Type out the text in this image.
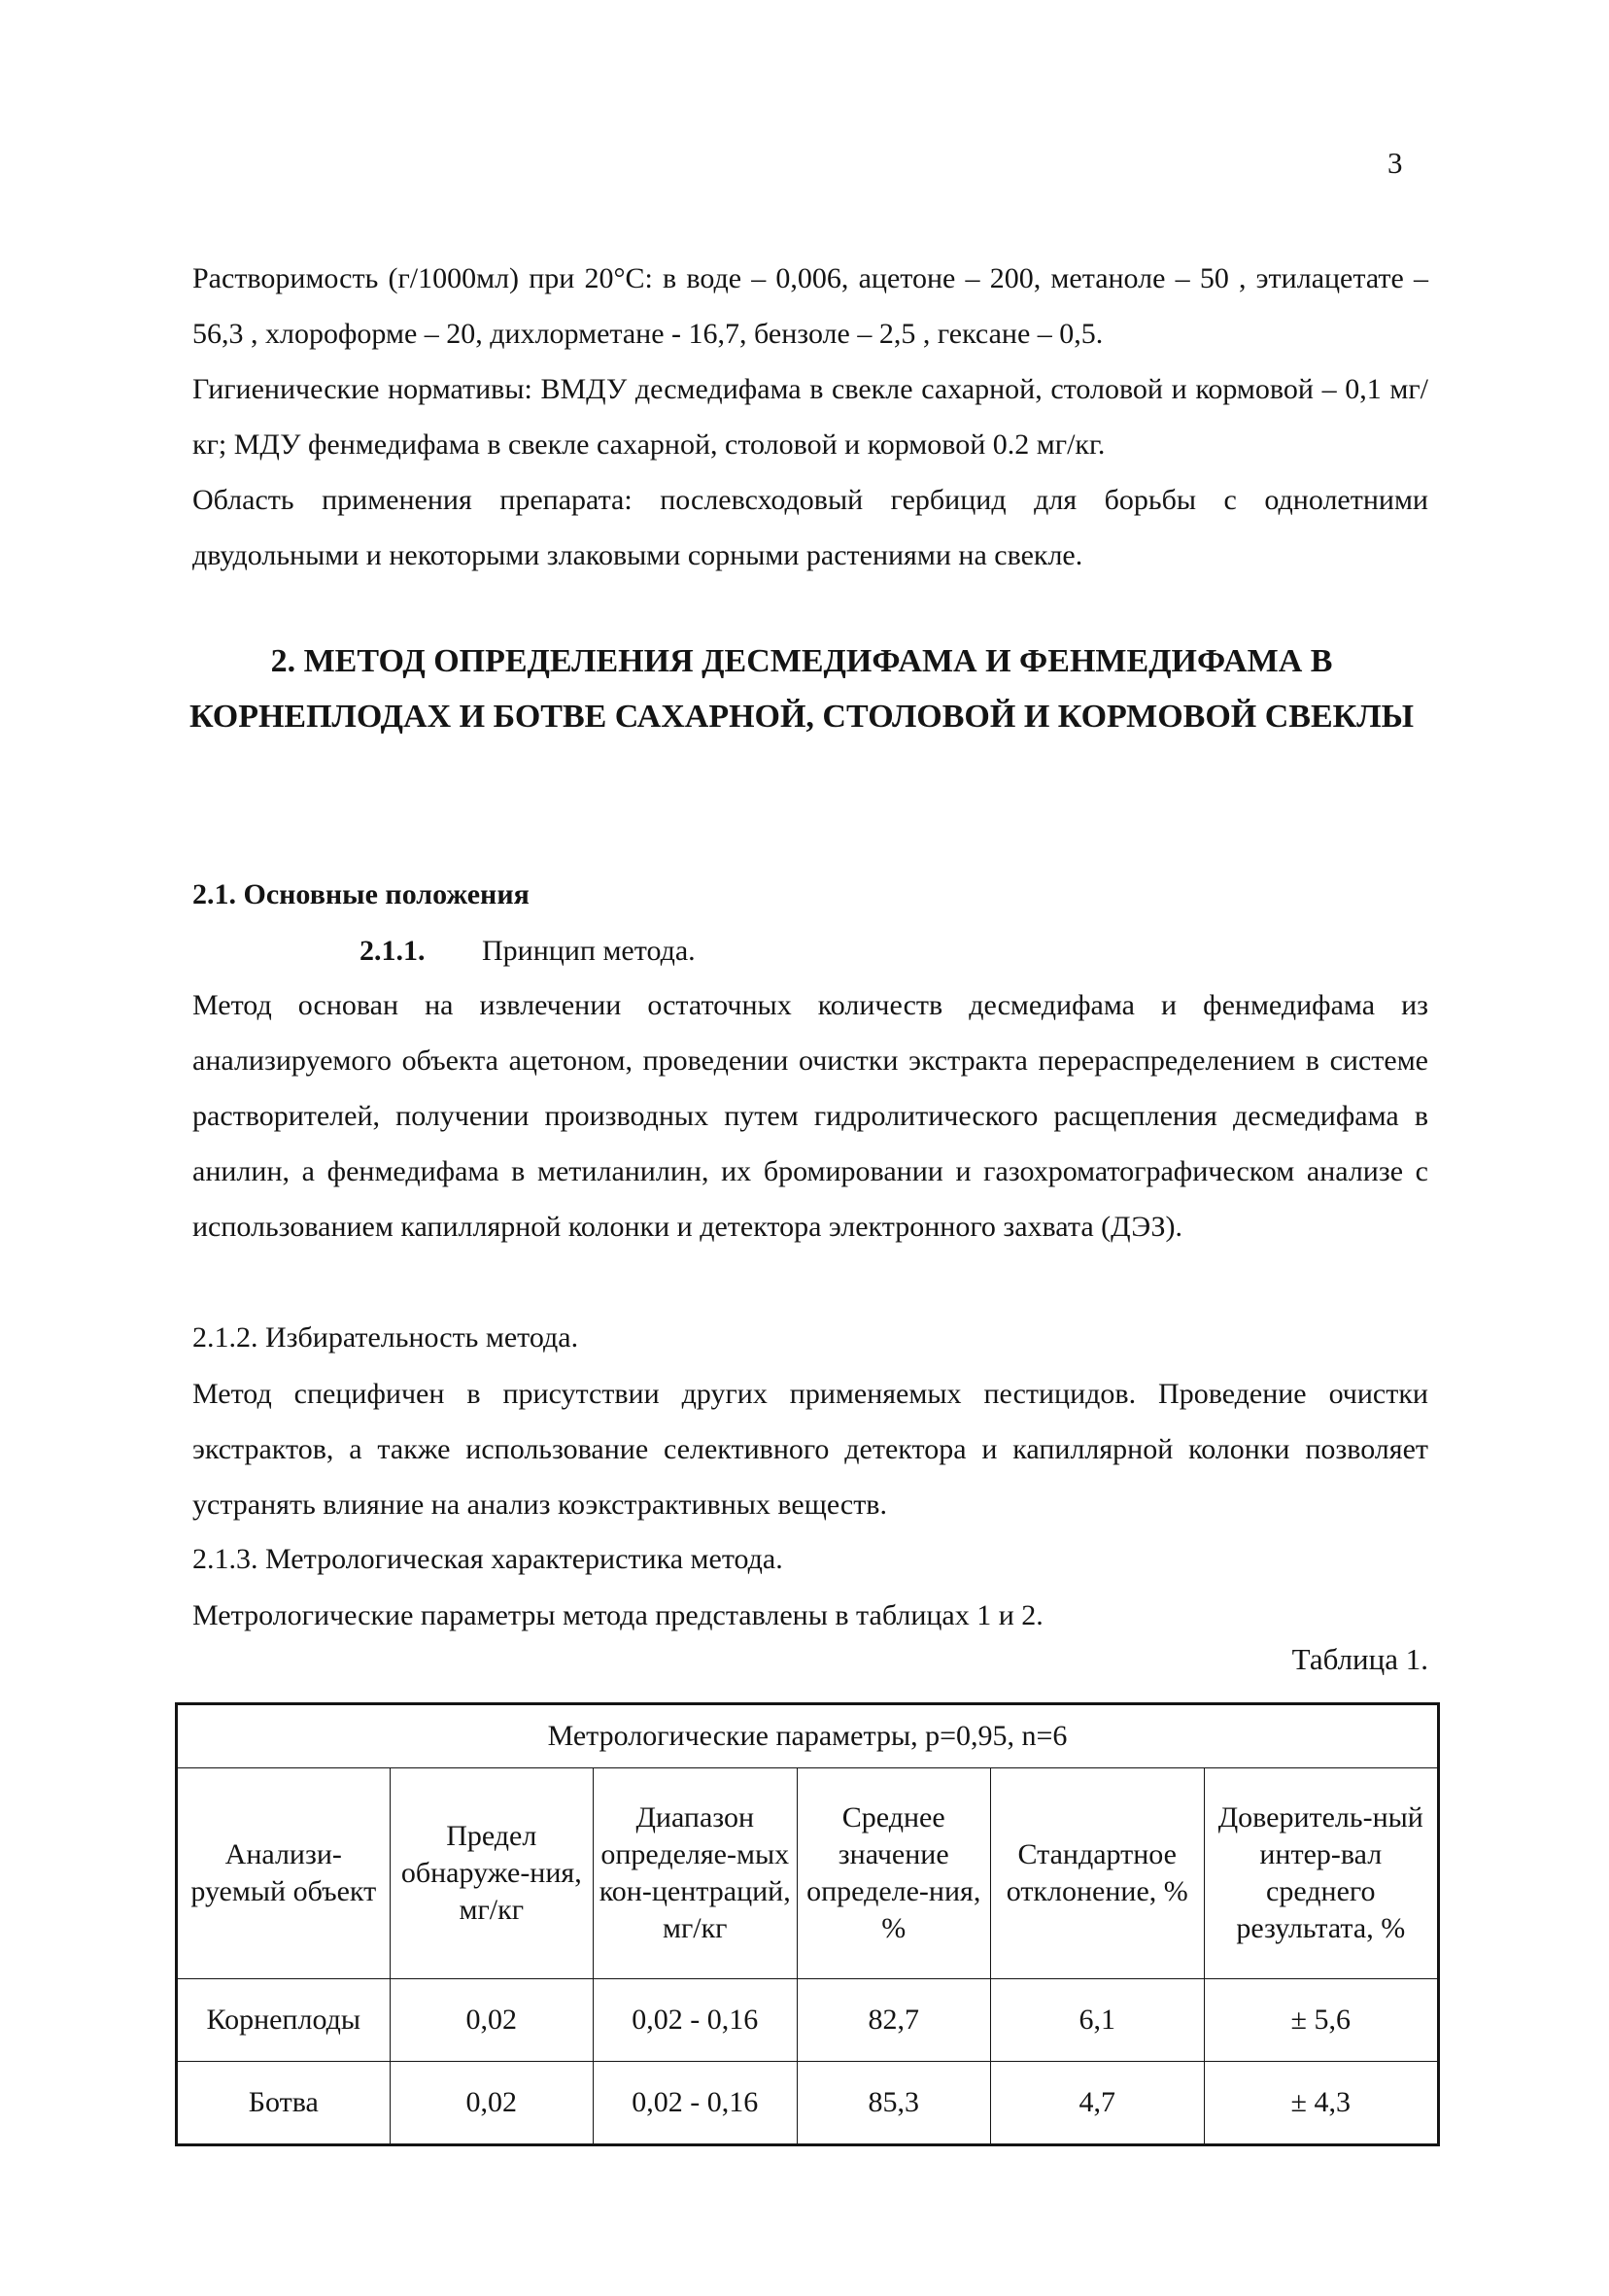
3

Растворимость (г/1000мл) при 20°С: в воде – 0,006, ацетоне – 200, метаноле – 50 , этилацетате – 56,3 , хлороформе – 20, дихлорметане - 16,7, бензоле – 2,5 , гексане – 0,5.

Гигиенические нормативы: ВМДУ десмедифама в свекле сахарной, столовой и кормовой – 0,1 мг/кг; МДУ фенмедифама в свекле сахарной, столовой и кормовой 0.2 мг/кг.

Область применения препарата: послевсходовый гербицид для борьбы с однолетними двудольными и некоторыми злаковыми сорными растениями на свекле.

2. МЕТОД ОПРЕДЕЛЕНИЯ ДЕСМЕДИФАМА И ФЕНМЕДИФАМА В КОРНЕПЛОДАХ И БОТВЕ САХАРНОЙ, СТОЛОВОЙ И КОРМОВОЙ СВЕКЛЫ

2.1. Основные положения

2.1.1. Принцип метода.

Метод основан на извлечении остаточных количеств десмедифама и фенмедифама из анализируемого объекта ацетоном, проведении очистки экстракта перераспределением в системе растворителей, получении производных путем гидролитического расщепления десмедифама в анилин, а фенмедифама в метиланилин, их бромировании и газохроматографическом анализе с использованием капиллярной колонки и детектора электронного захвата (ДЭЗ).

2.1.2. Избирательность метода.

Метод специфичен в присутствии других применяемых пестицидов. Проведение очистки экстрактов, а также использование селективного детектора и капиллярной колонки позволяет устранять влияние на анализ коэкстрактивных веществ.

2.1.3. Метрологическая характеристика метода.

Метрологические параметры метода представлены в таблицах 1 и 2.

Таблица 1.
Метрологические параметры, р=0,95, n=6					
Анализи-руемый объект	Предел обнаруже-ния, мг/кг	Диапазон определяе-мых кон-центраций, мг/кг	Среднее значение определе-ния, %	Стандартное отклонение, %	Доверитель-ный интер-вал среднего результата, %
Корнеплоды	0,02	0,02 - 0,16	82,7	6,1	± 5,6
Ботва	0,02	0,02 - 0,16	85,3	4,7	± 4,3
